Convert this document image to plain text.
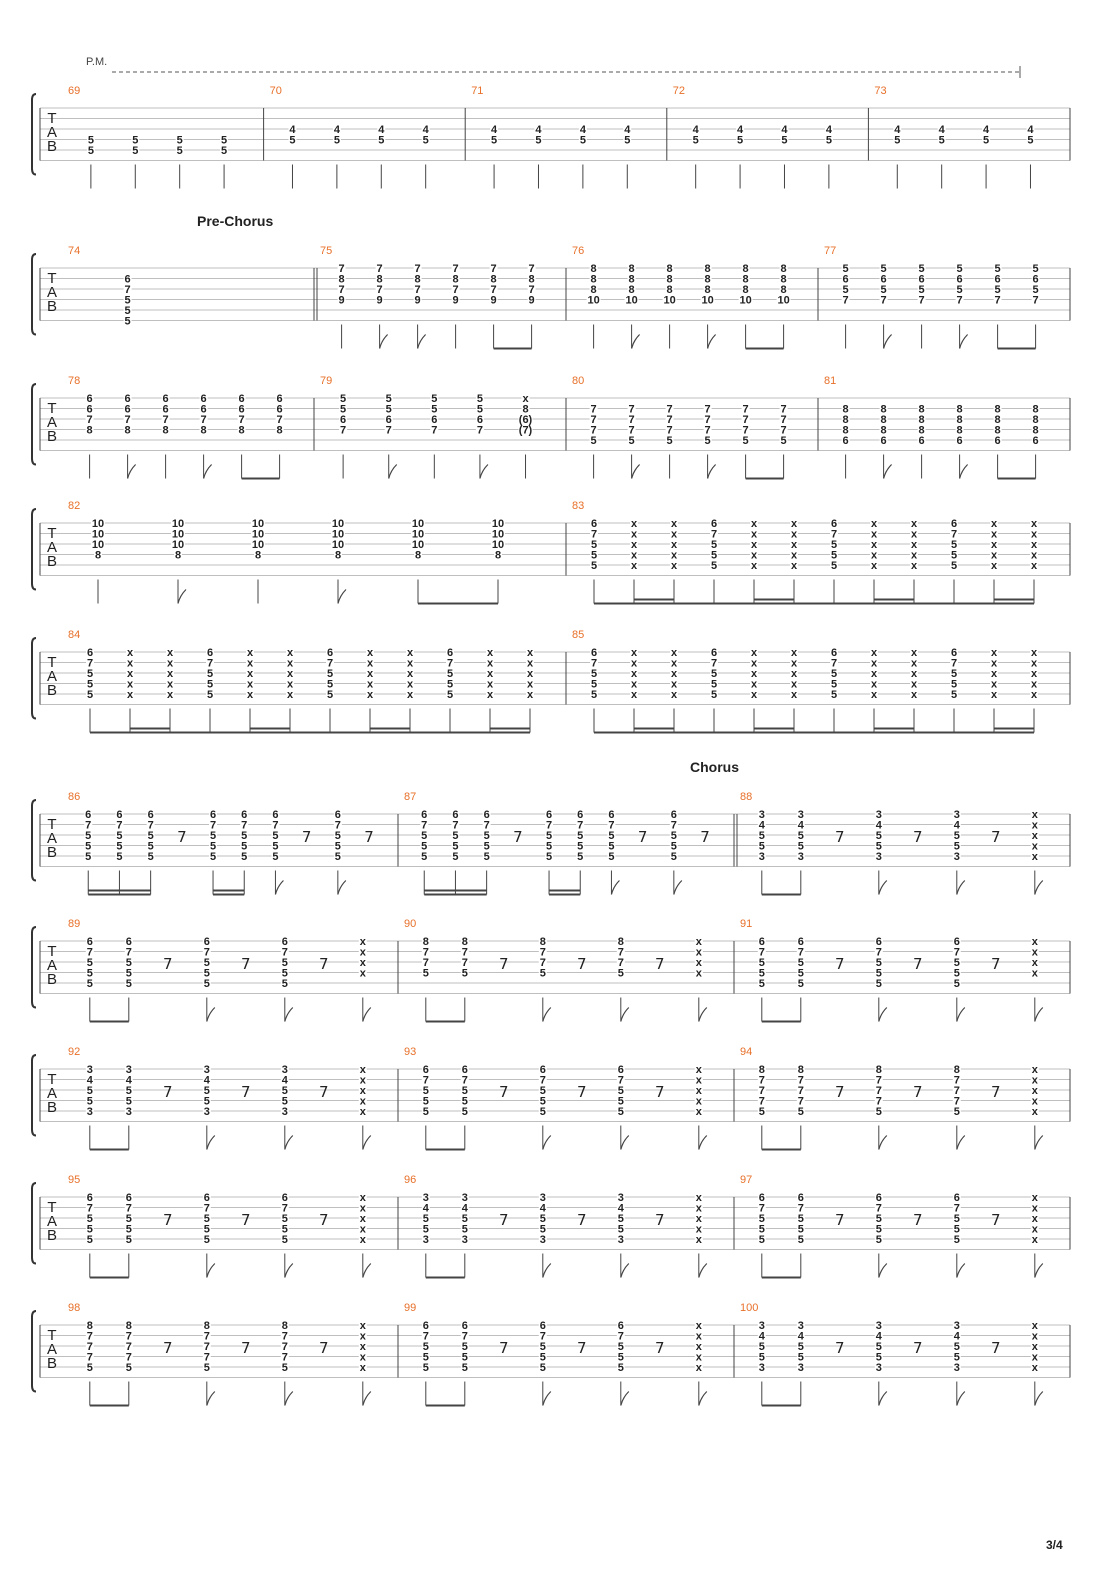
P.M.
T
A
B
69
5
5
5
5
5
5
5
5
70
4
5
4
5
4
5
4
5
71
4
5
4
5
4
5
4
5
72
4
5
4
5
4
5
4
5
73
4
5
4
5
4
5
4
5
T
A
B
74
Pre-Chorus
6
7
5
5
5
75
7
8
7
9
7
8
7
9
7
8
7
9
7
8
7
9
7
8
7
9
7
8
7
9
76
8
8
8
10
8
8
8
10
8
8
8
10
8
8
8
10
8
8
8
10
8
8
8
10
77
5
6
5
7
5
6
5
7
5
6
5
7
5
6
5
7
5
6
5
7
5
6
5
7
T
A
B
78
6
6
7
8
6
6
7
8
6
6
7
8
6
6
7
8
6
6
7
8
6
6
7
8
79
5
5
6
7
5
5
6
7
5
5
6
7
5
5
6
7
x
8
(6)
(7)
80
7
7
7
5
7
7
7
5
7
7
7
5
7
7
7
5
7
7
7
5
7
7
7
5
81
8
8
8
6
8
8
8
6
8
8
8
6
8
8
8
6
8
8
8
6
8
8
8
6
T
A
B
82
10
10
10
8
10
10
10
8
10
10
10
8
10
10
10
8
10
10
10
8
10
10
10
8
83
6
7
5
5
5
x
x
x
x
x
x
x
x
x
x
6
7
5
5
5
x
x
x
x
x
x
x
x
x
x
6
7
5
5
5
x
x
x
x
x
x
x
x
x
x
6
7
5
5
5
x
x
x
x
x
x
x
x
x
x
T
A
B
84
6
7
5
5
5
x
x
x
x
x
x
x
x
x
x
6
7
5
5
5
x
x
x
x
x
x
x
x
x
x
6
7
5
5
5
x
x
x
x
x
x
x
x
x
x
6
7
5
5
5
x
x
x
x
x
x
x
x
x
x
85
6
7
5
5
5
x
x
x
x
x
x
x
x
x
x
6
7
5
5
5
x
x
x
x
x
x
x
x
x
x
6
7
5
5
5
x
x
x
x
x
x
x
x
x
x
6
7
5
5
5
x
x
x
x
x
x
x
x
x
x
T
A
B
86
6
7
5
5
5
6
7
5
5
5
6
7
5
5
5
7
6
7
5
5
5
6
7
5
5
5
6
7
5
5
5
7
6
7
5
5
5
7
87
6
7
5
5
5
6
7
5
5
5
6
7
5
5
5
7
6
7
5
5
5
6
7
5
5
5
6
7
5
5
5
7
6
7
5
5
5
7
88
Chorus
3
4
5
5
3
3
4
5
5
3
7
3
4
5
5
3
7
3
4
5
5
3
7
x
x
x
x
x
T
A
B
89
6
7
5
5
5
6
7
5
5
5
7
6
7
5
5
5
7
6
7
5
5
5
7
x
x
x
x
90
8
7
7
5
8
7
7
5
7
8
7
7
5
7
8
7
7
5
7
x
x
x
x
91
6
7
5
5
5
6
7
5
5
5
7
6
7
5
5
5
7
6
7
5
5
5
7
x
x
x
x
T
A
B
92
3
4
5
5
3
3
4
5
5
3
7
3
4
5
5
3
7
3
4
5
5
3
7
x
x
x
x
x
93
6
7
5
5
5
6
7
5
5
5
7
6
7
5
5
5
7
6
7
5
5
5
7
x
x
x
x
x
94
8
7
7
7
5
8
7
7
7
5
7
8
7
7
7
5
7
8
7
7
7
5
7
x
x
x
x
x
T
A
B
95
6
7
5
5
5
6
7
5
5
5
7
6
7
5
5
5
7
6
7
5
5
5
7
x
x
x
x
x
96
3
4
5
5
3
3
4
5
5
3
7
3
4
5
5
3
7
3
4
5
5
3
7
x
x
x
x
x
97
6
7
5
5
5
6
7
5
5
5
7
6
7
5
5
5
7
6
7
5
5
5
7
x
x
x
x
x
T
A
B
98
8
7
7
7
5
8
7
7
7
5
7
8
7
7
7
5
7
8
7
7
7
5
7
x
x
x
x
x
99
6
7
5
5
5
6
7
5
5
5
7
6
7
5
5
5
7
6
7
5
5
5
7
x
x
x
x
x
100
3
4
5
5
3
3
4
5
5
3
7
3
4
5
5
3
7
3
4
5
5
3
7
x
x
x
x
x
3/4
